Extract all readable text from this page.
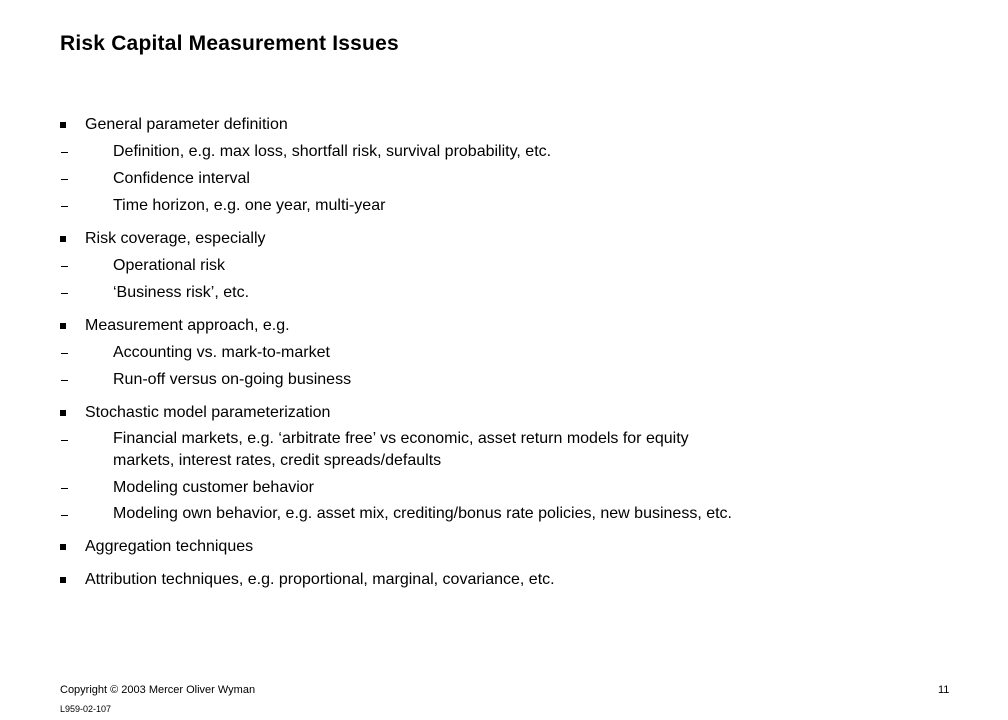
Risk Capital Measurement Issues
General parameter definition
Definition, e.g. max loss, shortfall risk, survival probability, etc.
Confidence interval
Time horizon, e.g. one year, multi-year
Risk coverage, especially
Operational risk
‘Business risk’, etc.
Measurement approach, e.g.
Accounting vs. mark-to-market
Run-off versus on-going business
Stochastic model parameterization
Financial markets, e.g. ‘arbitrate free’ vs economic, asset return models for equity markets, interest rates, credit spreads/defaults
Modeling customer behavior
Modeling own behavior, e.g. asset mix, crediting/bonus rate policies, new business, etc.
Aggregation techniques
Attribution techniques, e.g. proportional, marginal, covariance, etc.
Copyright © 2003 Mercer Oliver Wyman
L959-02-107
11
